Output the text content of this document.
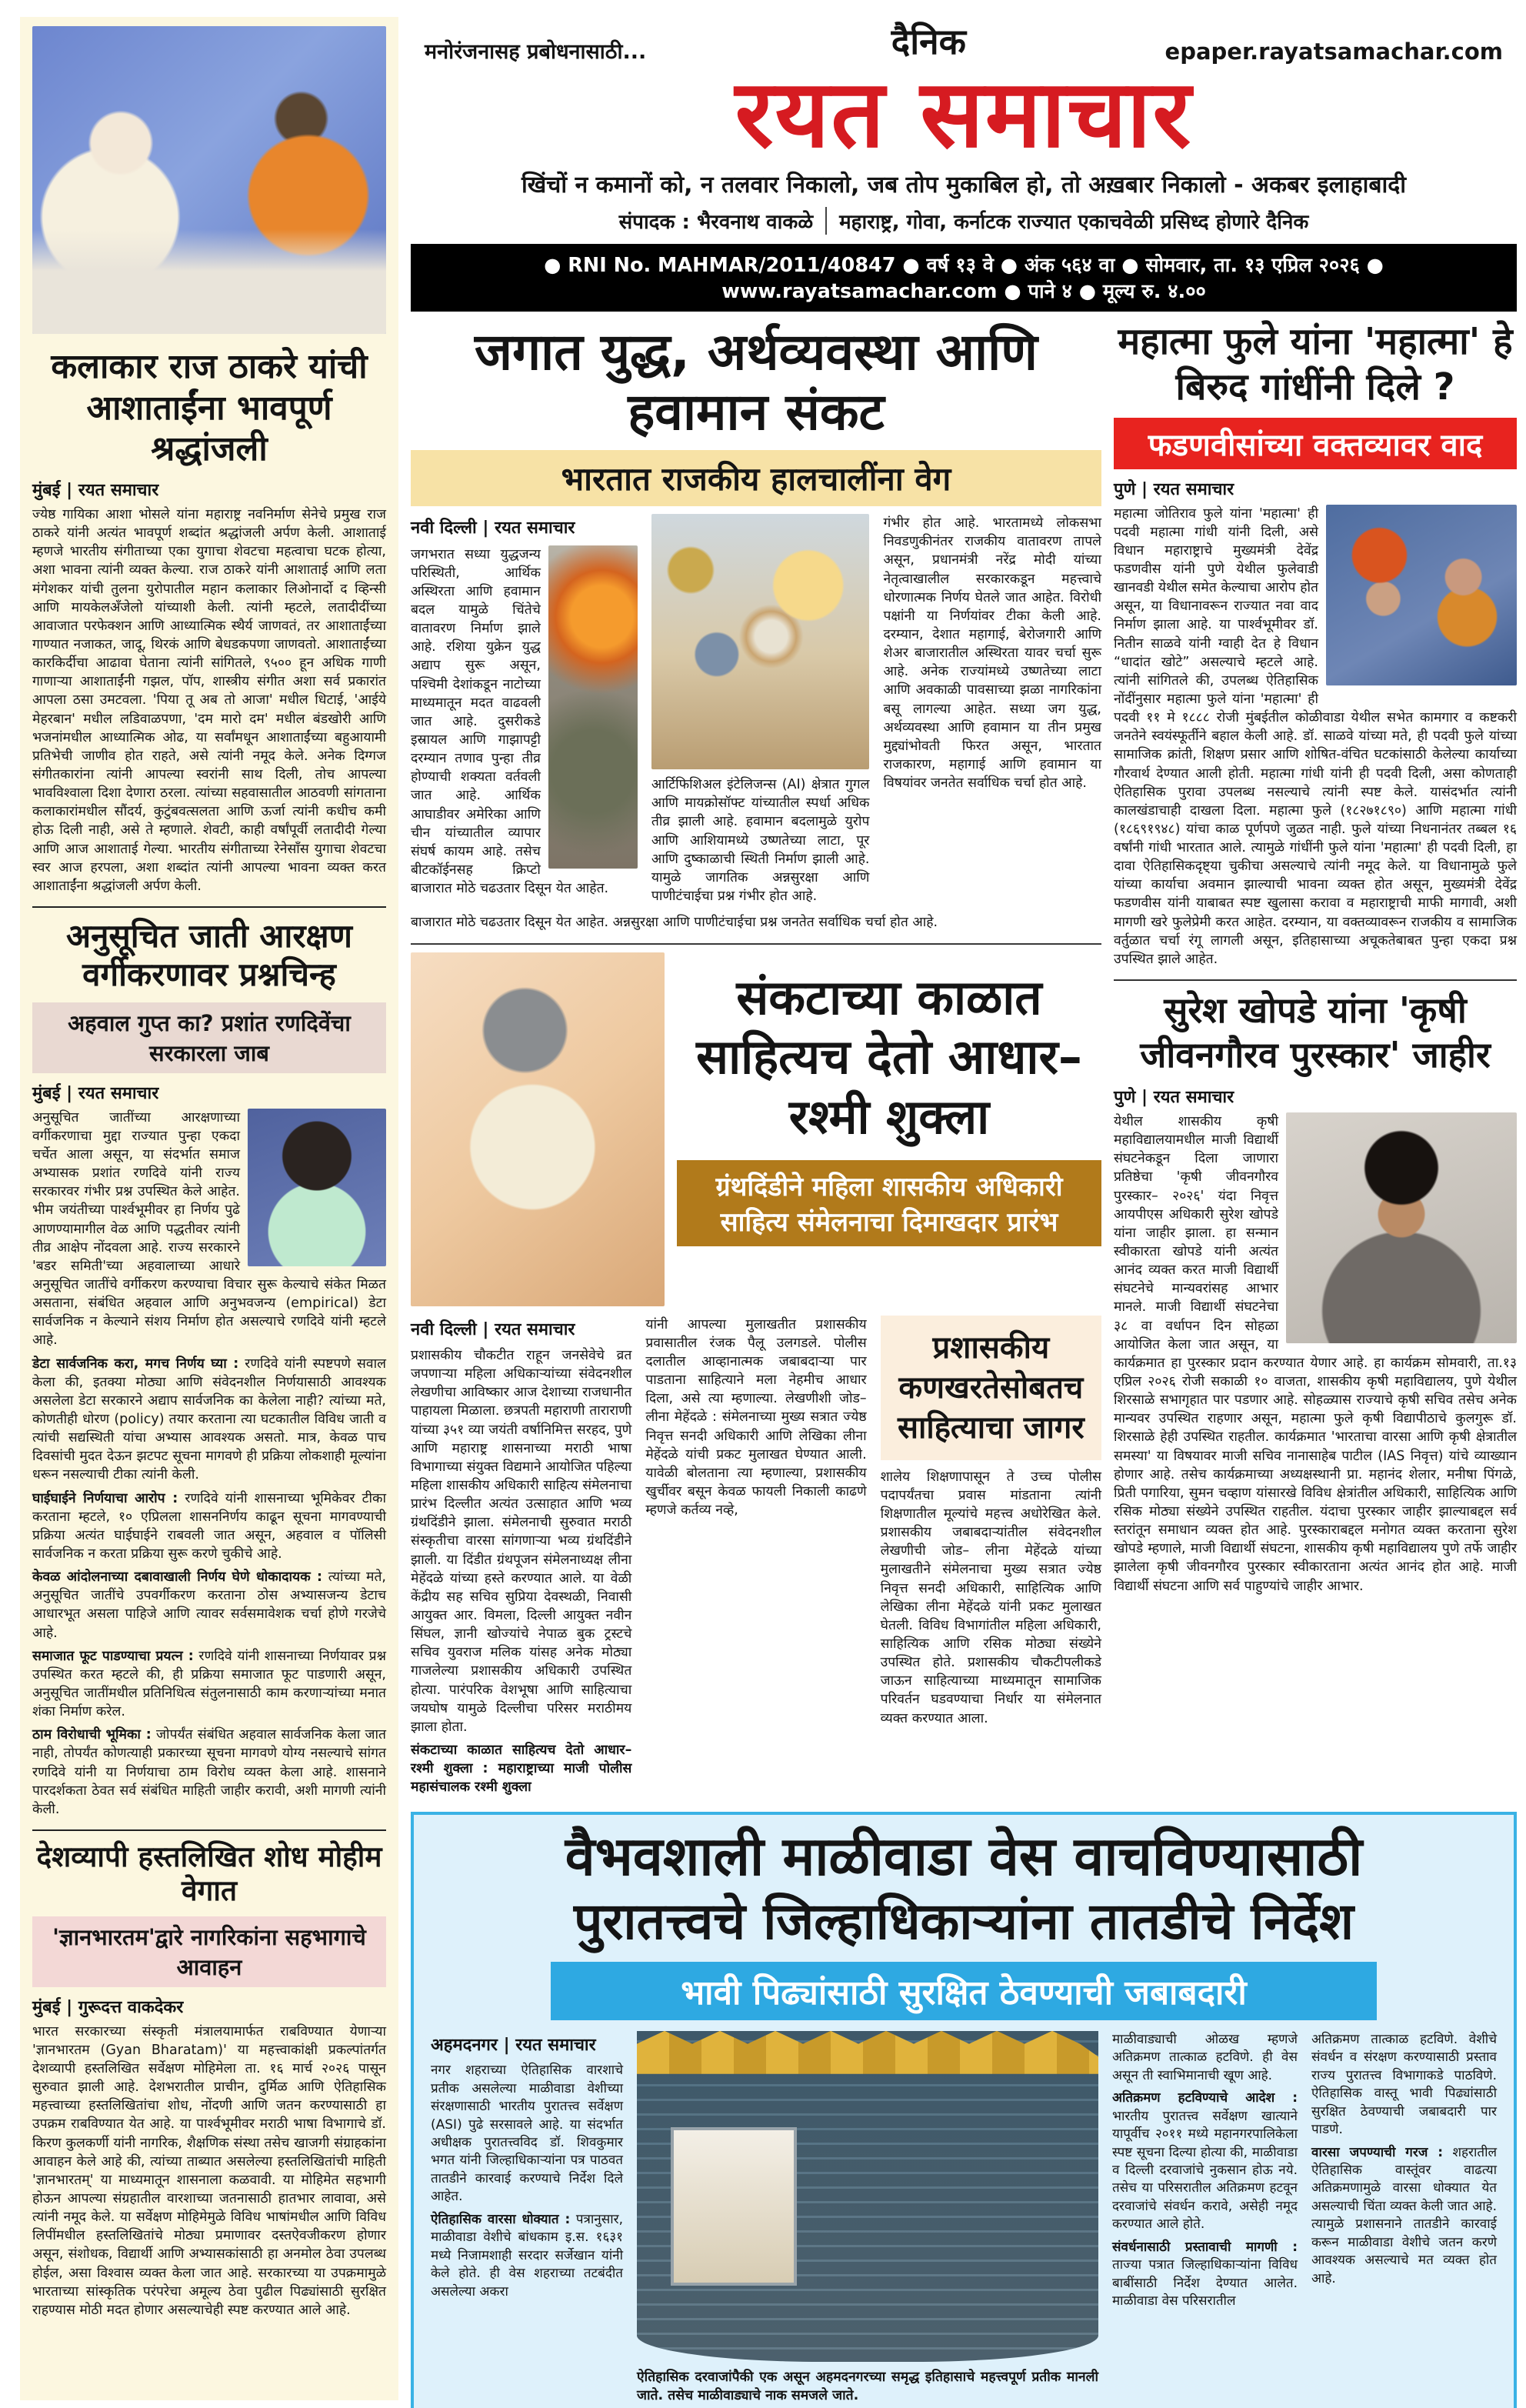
कलाकार राज ठाकरे यांची आशाताईंना भावपूर्ण श्रद्धांजली
मुंबई | रयत समाचार
ज्येष्ठ गायिका आशा भोसले यांना महाराष्ट्र नवनिर्माण सेनेचे प्रमुख राज ठाकरे यांनी अत्यंत भावपूर्ण शब्दांत श्रद्धांजली अर्पण केली. आशाताई म्हणजे भारतीय संगीताच्या एका युगाचा शेवटचा महत्वाचा घटक होत्या, अशा भावना त्यांनी व्यक्त केल्या. राज ठाकरे यांनी आशाताई आणि लता मंगेशकर यांची तुलना युरोपातील महान कलाकार लिओनार्दो द व्हिन्सी आणि मायकेलअँजेलो यांच्याशी केली. त्यांनी म्हटले, लतादीदींच्या आवाजात परफेक्शन आणि आध्यात्मिक स्थैर्य जाणवतं, तर आशाताईंच्या गाण्यात नजाकत, जादू, थिरकं आणि बेधडकपणा जाणवतो. आशाताईंच्या कारकिर्दीचा आढावा घेताना त्यांनी सांगितले, ९५०० हून अधिक गाणी गाणाऱ्या आशाताईंनी गझल, पॉप, शास्त्रीय संगीत अशा सर्व प्रकारांत आपला ठसा उमटवला. 'पिया तू अब तो आजा' मधील धिटाई, 'आईये मेहरबान' मधील लडिवाळपणा, 'दम मारो दम' मधील बंडखोरी आणि भजनांमधील आध्यात्मिक ओढ, या सर्वांमधून आशाताईंच्या बहुआयामी प्रतिभेची जाणीव होत राहते, असे त्यांनी नमूद केले. अनेक दिग्गज संगीतकारांना त्यांनी आपल्या स्वरांनी साथ दिली, तोच आपल्या भावविश्वाला दिशा देणारा ठरला. त्यांच्या सहवासातील आठवणी सांगताना कलाकारांमधील सौंदर्य, कुटुंबवत्सलता आणि ऊर्जा त्यांनी कधीच कमी होऊ दिली नाही, असे ते म्हणाले. शेवटी, काही वर्षांपूर्वी लतादीदी गेल्या आणि आज आशाताई गेल्या. भारतीय संगीताच्या रेनेसाँस युगाचा शेवटचा स्वर आज हरपला, अशा शब्दांत त्यांनी आपल्या भावना व्यक्त करत आशाताईंना श्रद्धांजली अर्पण केली.
अनुसूचित जाती आरक्षण वर्गीकरणावर प्रश्नचिन्ह
अहवाल गुप्त का? प्रशांत रणदिवेंचा सरकारला जाब
मुंबई | रयत समाचार

अनुसूचित जातींच्या आरक्षणाच्या वर्गीकरणाचा मुद्दा राज्यात पुन्हा एकदा चर्चेत आला असून, या संदर्भात समाज अभ्यासक प्रशांत रणदिवे यांनी राज्य सरकारवर गंभीर प्रश्न उपस्थित केले आहेत. भीम जयंतीच्या पार्श्वभूमीवर हा निर्णय पुढे आणण्यामागील वेळ आणि पद्धतीवर त्यांनी तीव्र आक्षेप नोंदवला आहे. राज्य सरकारने 'बडर समिती'च्या अहवालाच्या आधारे अनुसूचित जातींचे वर्गीकरण करण्याचा विचार सुरू केल्याचे संकेत मिळत असताना, संबंधित अहवाल आणि अनुभवजन्य (empirical) डेटा सार्वजनिक न केल्याने संशय निर्माण होत असल्याचे रणदिवे यांनी म्हटले आहे.

डेटा सार्वजनिक करा, मगच निर्णय घ्या : रणदिवे यांनी स्पष्टपणे सवाल केला की, इतक्या मोठ्या आणि संवेदनशील निर्णयासाठी आवश्यक असलेला डेटा सरकारने अद्याप सार्वजनिक का केलेला नाही? त्यांच्या मते, कोणतीही धोरण (policy) तयार करताना त्या घटकातील विविध जाती व त्यांची सद्यस्थिती यांचा अभ्यास आवश्यक असतो. मात्र, केवळ पाच दिवसांची मुदत देऊन झटपट सूचना मागवणे ही प्रक्रिया लोकशाही मूल्यांना धरून नसल्याची टीका त्यांनी केली.

घाईघाईने निर्णयाचा आरोप : रणदिवे यांनी शासनाच्या भूमिकेवर टीका करताना म्हटले, १० एप्रिलला शासननिर्णय काढून सूचना मागवण्याची प्रक्रिया अत्यंत घाईघाईने राबवली जात असून, अहवाल व पॉलिसी सार्वजनिक न करता प्रक्रिया सुरू करणे चुकीचे आहे.

केवळ आंदोलनाच्या दबावाखाली निर्णय घेणे धोकादायक : त्यांच्या मते, अनुसूचित जातींचे उपवर्गीकरण करताना ठोस अभ्यासजन्य डेटाच आधारभूत असला पाहिजे आणि त्यावर सर्वसमावेशक चर्चा होणे गरजेचे आहे.

समाजात फूट पाडण्याचा प्रयत्न : रणदिवे यांनी शासनाच्या निर्णयावर प्रश्न उपस्थित करत म्हटले की, ही प्रक्रिया समाजात फूट पाडणारी असून, अनुसूचित जातींमधील प्रतिनिधित्व संतुलनासाठी काम करणाऱ्यांच्या मनात शंका निर्माण करेल.

ठाम विरोधाची भूमिका : जोपर्यंत संबंधित अहवाल सार्वजनिक केला जात नाही, तोपर्यंत कोणत्याही प्रकारच्या सूचना मागवणे योग्य नसल्याचे सांगत रणदिवे यांनी या निर्णयाचा ठाम विरोध व्यक्त केला आहे. शासनाने पारदर्शकता ठेवत सर्व संबंधित माहिती जाहीर करावी, अशी मागणी त्यांनी केली.

देशव्यापी हस्तलिखित शोध मोहीम वेगात
'ज्ञानभारतम'द्वारे नागरिकांना सहभागाचे आवाहन
मुंबई | गुरूदत्त वाकदेकर
भारत सरकारच्या संस्कृती मंत्रालयामार्फत राबविण्यात येणाऱ्या 'ज्ञानभारतम (Gyan Bharatam)' या महत्त्वाकांक्षी प्रकल्पांतर्गत देशव्यापी हस्तलिखित सर्वेक्षण मोहिमेला ता. १६ मार्च २०२६ पासून सुरुवात झाली आहे. देशभरातील प्राचीन, दुर्मिळ आणि ऐतिहासिक महत्त्वाच्या हस्तलिखितांचा शोध, नोंदणी आणि जतन करण्यासाठी हा उपक्रम राबविण्यात येत आहे. या पार्श्वभूमीवर मराठी भाषा विभागाचे डॉ. किरण कुलकर्णी यांनी नागरिक, शैक्षणिक संस्था तसेच खाजगी संग्राहकांना आवाहन केले आहे की, त्यांच्या ताब्यात असलेल्या हस्तलिखितांची माहिती 'ज्ञानभारतम्' या माध्यमातून शासनाला कळवावी. या मोहिमेत सहभागी होऊन आपल्या संग्रहातील वारशाच्या जतनासाठी हातभार लावावा, असे त्यांनी नमूद केले. या सर्वेक्षण मोहिमेमुळे विविध भाषांमधील आणि विविध लिपींमधील हस्तलिखितांचे मोठ्या प्रमाणावर दस्तऐवजीकरण होणार असून, संशोधक, विद्यार्थी आणि अभ्यासकांसाठी हा अनमोल ठेवा उपलब्ध होईल, असा विश्वास व्यक्त केला जात आहे. सरकारच्या या उपक्रमामुळे भारताच्या सांस्कृतिक परंपरेचा अमूल्य ठेवा पुढील पिढ्यांसाठी सुरक्षित राहण्यास मोठी मदत होणार असल्याचेही स्पष्ट करण्यात आले आहे.
मनोरंजनासह प्रबोधनासाठी...	दैनिक	epaper.rayatsamachar.com
रयत समाचार
खिंचों न कमानों को, न तलवार निकालो, जब तोप मुकाबिल हो, तो अख़बार निकालो - अकबर इलाहाबादी
संपादक : भैरवनाथ वाकळे महाराष्ट्र, गोवा, कर्नाटक राज्यात एकाचवेळी प्रसिध्द होणारे दैनिक
● RNI No. MAHMAR/2011/40847 ● वर्ष १३ वे ● अंक ५६४ वा ● सोमवार, ता. १३ एप्रिल २०२६ ● www.rayatsamachar.com ● पाने ४ ● मूल्य रु. ४.००
जगात युद्ध, अर्थव्यवस्था आणि हवामान संकट
भारतात राजकीय हालचालींना वेग
नवी दिल्ली | रयत समाचार
जगभरात सध्या युद्धजन्य परिस्थिती, आर्थिक अस्थिरता आणि हवामान बदल यामुळे चिंतेचे वातावरण निर्माण झाले आहे. रशिया युक्रेन युद्ध अद्याप सुरू असून, पश्चिमी देशांकडून नाटोच्या माध्यमातून मदत वाढवली जात आहे. दुसरीकडे इस्रायल आणि गाझापट्टी दरम्यान तणाव पुन्हा तीव्र होण्याची शक्यता वर्तवली जात आहे. आर्थिक आघाडीवर अमेरिका आणि चीन यांच्यातील व्यापार संघर्ष कायम आहे. तसेच बीटकॉईनसह क्रिप्टो बाजारात मोठे चढउतार दिसून येत आहेत.
आर्टिफिशिअल इंटेलिजन्स (AI) क्षेत्रात गुगल आणि मायक्रोसॉफ्ट यांच्यातील स्पर्धा अधिक तीव्र झाली आहे. हवामान बदलामुळे युरोप आणि आशियामध्ये उष्णतेच्या लाटा, पूर आणि दुष्काळाची स्थिती निर्माण झाली आहे. यामुळे जागतिक अन्नसुरक्षा आणि पाणीटंचाईचा प्रश्न गंभीर होत आहे.
गंभीर होत आहे. भारतामध्ये लोकसभा निवडणुकीनंतर राजकीय वातावरण तापले असून, प्रधानमंत्री नरेंद्र मोदी यांच्या नेतृत्वाखालील सरकारकडून महत्त्वाचे धोरणात्मक निर्णय घेतले जात आहेत. विरोधी पक्षांनी या निर्णयांवर टीका केली आहे. दरम्यान, देशात महागाई, बेरोजगारी आणि शेअर बाजारातील अस्थिरता यावर चर्चा सुरू आहे. अनेक राज्यांमध्ये उष्णतेच्या लाटा आणि अवकाळी पावसाच्या झळा नागरिकांना बसू लागल्या आहेत. सध्या जग युद्ध, अर्थव्यवस्था आणि हवामान या तीन प्रमुख मुद्द्यांभोवती फिरत असून, भारतात राजकारण, महागाई आणि हवामान या विषयांवर जनतेत सर्वाधिक चर्चा होत आहे.
बाजारात मोठे चढउतार दिसून येत आहेत. अन्नसुरक्षा आणि पाणीटंचाईचा प्रश्न जनतेत सर्वाधिक चर्चा होत आहे.
संकटाच्या काळात साहित्यच देतो आधार– रश्मी शुक्ला
ग्रंथदिंडीने महिला शासकीय अधिकारी साहित्य संमेलनाचा दिमाखदार प्रारंभ
नवी दिल्ली | रयत समाचार

प्रशासकीय चौकटीत राहून जनसेवेचे व्रत जपणाऱ्या महिला अधिकाऱ्यांच्या संवेदनशील लेखणीचा आविष्कार आज देशाच्या राजधानीत पाहायला मिळाला. छत्रपती महाराणी ताराराणी यांच्या ३५१ व्या जयंती वर्षानिमित्त सरहद, पुणे आणि महाराष्ट्र शासनाच्या मराठी भाषा विभागाच्या संयुक्त विद्यमाने आयोजित पहिल्या महिला शासकीय अधिकारी साहित्य संमेलनाचा प्रारंभ दिल्लीत अत्यंत उत्साहात आणि भव्य ग्रंथदिंडीने झाला. संमेलनाची सुरुवात मराठी संस्कृतीचा वारसा सांगणाऱ्या भव्य ग्रंथदिंडीने झाली. या दिंडीत ग्रंथपूजन संमेलनाध्यक्ष लीना मेहेंदळे यांच्या हस्ते करण्यात आले. या वेळी केंद्रीय सह सचिव सुप्रिया देवस्थळी, निवासी आयुक्त आर. विमला, दिल्ली आयुक्त नवीन सिंघल, ज्ञानी खोज्यांचे नेपाळ बुक ट्रस्टचे सचिव युवराज मलिक यांसह अनेक मोठ्या गाजलेल्या प्रशासकीय अधिकारी उपस्थित होत्या. पारंपरिक वेशभूषा आणि साहित्याचा जयघोष यामुळे दिल्लीचा परिसर मराठीमय झाला होता.

संकटाच्या काळात साहित्यच देतो आधार– रश्मी शुक्ला : महाराष्ट्राच्या माजी पोलीस महासंचालक रश्मी शुक्ला

यांनी आपल्या मुलाखतीत प्रशासकीय प्रवासातील रंजक पैलू उलगडले. पोलीस दलातील आव्हानात्मक जबाबदाऱ्या पार पाडताना साहित्याने मला नेहमीच आधार दिला, असे त्या म्हणाल्या. लेखणीशी जोड– लीना मेहेंदळे : संमेलनाच्या मुख्य सत्रात ज्येष्ठ निवृत्त सनदी अधिकारी आणि लेखिका लीना मेहेंदळे यांची प्रकट मुलाखत घेण्यात आली. यावेळी बोलताना त्या म्हणाल्या, प्रशासकीय खुर्चीवर बसून केवळ फायली निकाली काढणे म्हणजे कर्तव्य नव्हे,
प्रशासकीय कणखरतेसोबतच साहित्याचा जागर
शालेय शिक्षणापासून ते उच्च पोलीस पदापर्यंतचा प्रवास मांडताना त्यांनी शिक्षणातील मूल्यांचे महत्त्व अधोरेखित केले. प्रशासकीय जबाबदाऱ्यांतील संवेदनशील लेखणीची जोड– लीना मेहेंदळे यांच्या मुलाखतीने संमेलनाचा मुख्य सत्रात ज्येष्ठ निवृत्त सनदी अधिकारी, साहित्यिक आणि लेखिका लीना मेहेंदळे यांनी प्रकट मुलाखत घेतली. विविध विभागांतील महिला अधिकारी, साहित्यिक आणि रसिक मोठ्या संख्येने उपस्थित होते. प्रशासकीय चौकटीपलीकडे जाऊन साहित्याच्या माध्यमातून सामाजिक परिवर्तन घडवण्याचा निर्धार या संमेलनात व्यक्त करण्यात आला.
महात्मा फुले यांना 'महात्मा' हे बिरुद गांधींनी दिले ?
फडणवीसांच्या वक्तव्यावर वाद
पुणे | रयत समाचार
महात्मा जोतिराव फुले यांना 'महात्मा' ही पदवी महात्मा गांधी यांनी दिली, असे विधान महाराष्ट्राचे मुख्यमंत्री देवेंद्र फडणवीस यांनी पुणे येथील फुलेवाडी खानवडी येथील समेत केल्याचा आरोप होत असून, या विधानावरून राज्यात नवा वाद निर्माण झाला आहे. या पार्श्वभूमीवर डॉ. नितीन साळवे यांनी ग्वाही देत हे विधान “धादांत खोटे” असल्याचे म्हटले आहे. त्यांनी सांगितले की, उपलब्ध ऐतिहासिक नोंदींनुसार महात्मा फुले यांना 'महात्मा' ही पदवी ११ मे १८८८ रोजी मुंबईतील कोळीवाडा येथील सभेत कामगार व कष्टकरी जनतेने स्वयंस्फूर्तीने बहाल केली आहे. डॉ. साळवे यांच्या मते, ही पदवी फुले यांच्या सामाजिक क्रांती, शिक्षण प्रसार आणि शोषित-वंचित घटकांसाठी केलेल्या कार्याच्या गौरवार्थ देण्यात आली होती. महात्मा गांधी यांनी ही पदवी दिली, असा कोणताही ऐतिहासिक पुरावा उपलब्ध नसल्याचे त्यांनी स्पष्ट केले. यासंदर्भात त्यांनी कालखंडाचाही दाखला दिला. महात्मा फुले (१८२७१८९०) आणि महात्मा गांधी (१८६९१९४८) यांचा काळ पूर्णपणे जुळत नाही. फुले यांच्या निधनानंतर तब्बल १६ वर्षांनी गांधी भारतात आले. त्यामुळे गांधींनी फुले यांना 'महात्मा' ही पदवी दिली, हा दावा ऐतिहासिकदृष्ट्या चुकीचा असल्याचे त्यांनी नमूद केले. या विधानामुळे फुले यांच्या कार्याचा अवमान झाल्याची भावना व्यक्त होत असून, मुख्यमंत्री देवेंद्र फडणवीस यांनी याबाबत स्पष्ट खुलासा करावा व महाराष्ट्राची माफी मागावी, अशी मागणी खरे फुलेप्रेमी करत आहेत. दरम्यान, या वक्तव्यावरून राजकीय व सामाजिक वर्तुळात चर्चा रंगू लागली असून, इतिहासाच्या अचूकतेबाबत पुन्हा एकदा प्रश्न उपस्थित झाले आहेत.
सुरेश खोपडे यांना 'कृषी जीवनगौरव पुरस्कार' जाहीर
पुणे | रयत समाचार
येथील शासकीय कृषी महाविद्यालयामधील माजी विद्यार्थी संघटनेकडून दिला जाणारा प्रतिष्ठेचा 'कृषी जीवनगौरव पुरस्कार– २०२६' यंदा निवृत्त आयपीएस अधिकारी सुरेश खोपडे यांना जाहीर झाला. हा सन्मान स्वीकारता खोपडे यांनी अत्यंत आनंद व्यक्त करत माजी विद्यार्थी संघटनेचे मान्यवरांसह आभार मानले. माजी विद्यार्थी संघटनेचा ३८ वा वर्धापन दिन सोहळा आयोजित केला जात असून, या कार्यक्रमात हा पुरस्कार प्रदान करण्यात येणार आहे. हा कार्यक्रम सोमवारी, ता.१३ एप्रिल २०२६ रोजी सकाळी १० वाजता, शासकीय कृषी महाविद्यालय, पुणे येथील शिरसाळे सभागृहात पार पडणार आहे. सोहळ्यास राज्याचे कृषी सचिव तसेच अनेक मान्यवर उपस्थित राहणार असून, महात्मा फुले कृषी विद्यापीठाचे कुलगुरू डॉ. शिरसाळे हेही उपस्थित राहतील. कार्यक्रमात 'भारताचा वारसा आणि कृषी क्षेत्रातील समस्या' या विषयावर माजी सचिव नानासाहेब पाटील (IAS निवृत्त) यांचे व्याख्यान होणार आहे. तसेच कार्यक्रमाच्या अध्यक्षस्थानी प्रा. महानंद शेलार, मनीषा पिंगळे, प्रिती पगारिया, सुमन चव्हाण यांसारखे विविध क्षेत्रांतील अधिकारी, साहित्यिक आणि रसिक मोठ्या संख्येने उपस्थित राहतील. यंदाचा पुरस्कार जाहीर झाल्याबद्दल सर्व स्तरांतून समाधान व्यक्त होत आहे. पुरस्काराबद्दल मनोगत व्यक्त करताना सुरेश खोपडे म्हणाले, माजी विद्यार्थी संघटना, शासकीय कृषी महाविद्यालय पुणे तर्फे जाहीर झालेला कृषी जीवनगौरव पुरस्कार स्वीकारताना अत्यंत आनंद होत आहे. माजी विद्यार्थी संघटना आणि सर्व पाहुण्यांचे जाहीर आभार.
वैभवशाली माळीवाडा वेस वाचविण्यासाठी
पुरातत्त्वचे जिल्हाधिकाऱ्यांना तातडीचे निर्देश
भावी पिढ्यांसाठी सुरक्षित ठेवण्याची जबाबदारी
अहमदनगर | रयत समाचार

नगर शहराच्या ऐतिहासिक वारशाचे प्रतीक असलेल्या माळीवाडा वेशीच्या संरक्षणासाठी भारतीय पुरातत्त्व सर्वेक्षण (ASI) पुढे सरसावले आहे. या संदर्भात अधीक्षक पुरातत्त्वविद डॉ. शिवकुमार भगत यांनी जिल्हाधिकाऱ्यांना पत्र पाठवत तातडीने कारवाई करण्याचे निर्देश दिले आहेत.

ऐतिहासिक वारसा धोक्यात : पत्रानुसार, माळीवाडा वेशीचे बांधकाम इ.स. १६३१ मध्ये निजामशाही सरदार सर्जेखान यांनी केले होते. ही वेस शहराच्या तटबंदीत असलेल्या अकरा

ऐतिहासिक दरवाजांपैकी एक असून अहमदनगरच्या समृद्ध इतिहासाचे महत्त्वपूर्ण प्रतीक मानली जाते. तसेच माळीवाड्याचे नाक समजले जाते.

माळीवाड्याची ओळख म्हणजे अतिक्रमण तात्काळ हटविणे. ही वेस असून ती स्वाभिमानाची खूण आहे.

अतिक्रमण हटविण्याचे आदेश : भारतीय पुरातत्त्व सर्वेक्षण खात्याने यापूर्वीच २०११ मध्ये महानगरपालिकेला स्पष्ट सूचना दिल्या होत्या की, माळीवाडा व दिल्ली दरवाजांचे नुकसान होऊ नये. तसेच या परिसरातील अतिक्रमण हटवून दरवाजांचे संवर्धन करावे, असेही नमूद करण्यात आले होते.

संवर्धनासाठी प्रस्तावाची मागणी : ताज्या पत्रात जिल्हाधिकाऱ्यांना विविध बाबींसाठी निर्देश देण्यात आलेत. माळीवाडा वेस परिसरातील

अतिक्रमण तात्काळ हटविणे. वेशीचे संवर्धन व संरक्षण करण्यासाठी प्रस्ताव राज्य पुरातत्त्व विभागाकडे पाठविणे. ऐतिहासिक वास्तू भावी पिढ्यांसाठी सुरक्षित ठेवण्याची जबाबदारी पार पाडणे.

वारसा जपण्याची गरज : शहरातील ऐतिहासिक वास्तूंवर वाढत्या अतिक्रमणामुळे वारसा धोक्यात येत असल्याची चिंता व्यक्त केली जात आहे. त्यामुळे प्रशासनाने तातडीने कारवाई करून माळीवाडा वेशीचे जतन करणे आवश्यक असल्याचे मत व्यक्त होत आहे.
